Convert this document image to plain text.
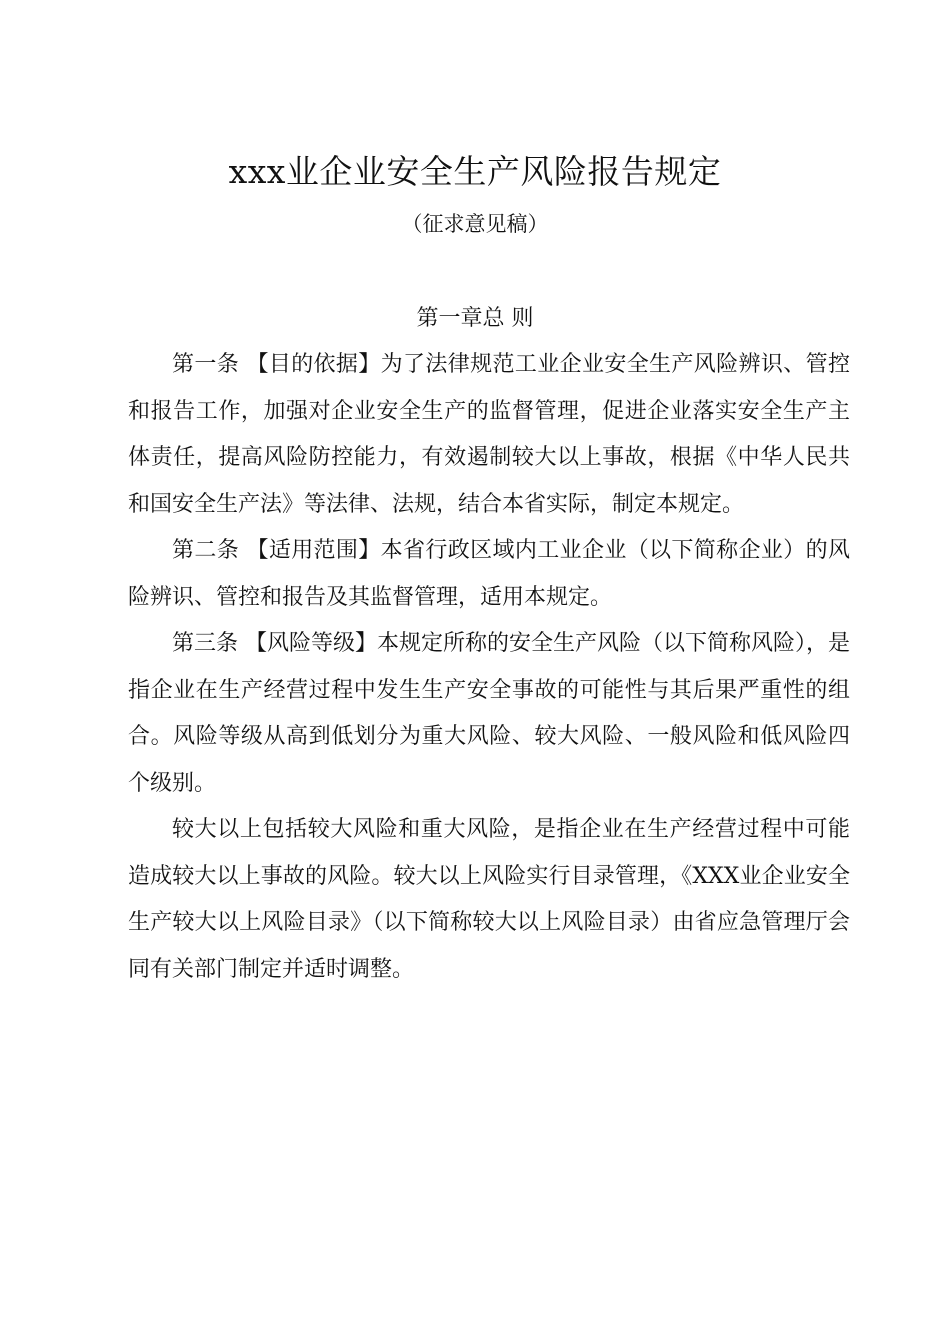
xxx业企业安全生产风险报告规定
（征求意见稿）
第一章总 则

第一条 【目的依据】为了法律规范工业企业安全生产风险辨识、管控和报告工作，加强对企业安全生产的监督管理，促进企业落实安全生产主体责任，提高风险防控能力，有效遏制较大以上事故，根据《中华人民共和国安全生产法》等法律、法规，结合本省实际，制定本规定。

第二条 【适用范围】本省行政区域内工业企业（以下简称企业）的风险辨识、管控和报告及其监督管理，适用本规定。

第三条 【风险等级】本规定所称的安全生产风险（以下简称风险），是指企业在生产经营过程中发生生产安全事故的可能性与其后果严重性的组合。风险等级从高到低划分为重大风险、较大风险、一般风险和低风险四个级别。

较大以上包括较大风险和重大风险，是指企业在生产经营过程中可能造成较大以上事故的风险。较大以上风险实行目录管理，《XXX业企业安全生产较大以上风险目录》（以下简称较大以上风险目录）由省应急管理厅会同有关部门制定并适时调整。
